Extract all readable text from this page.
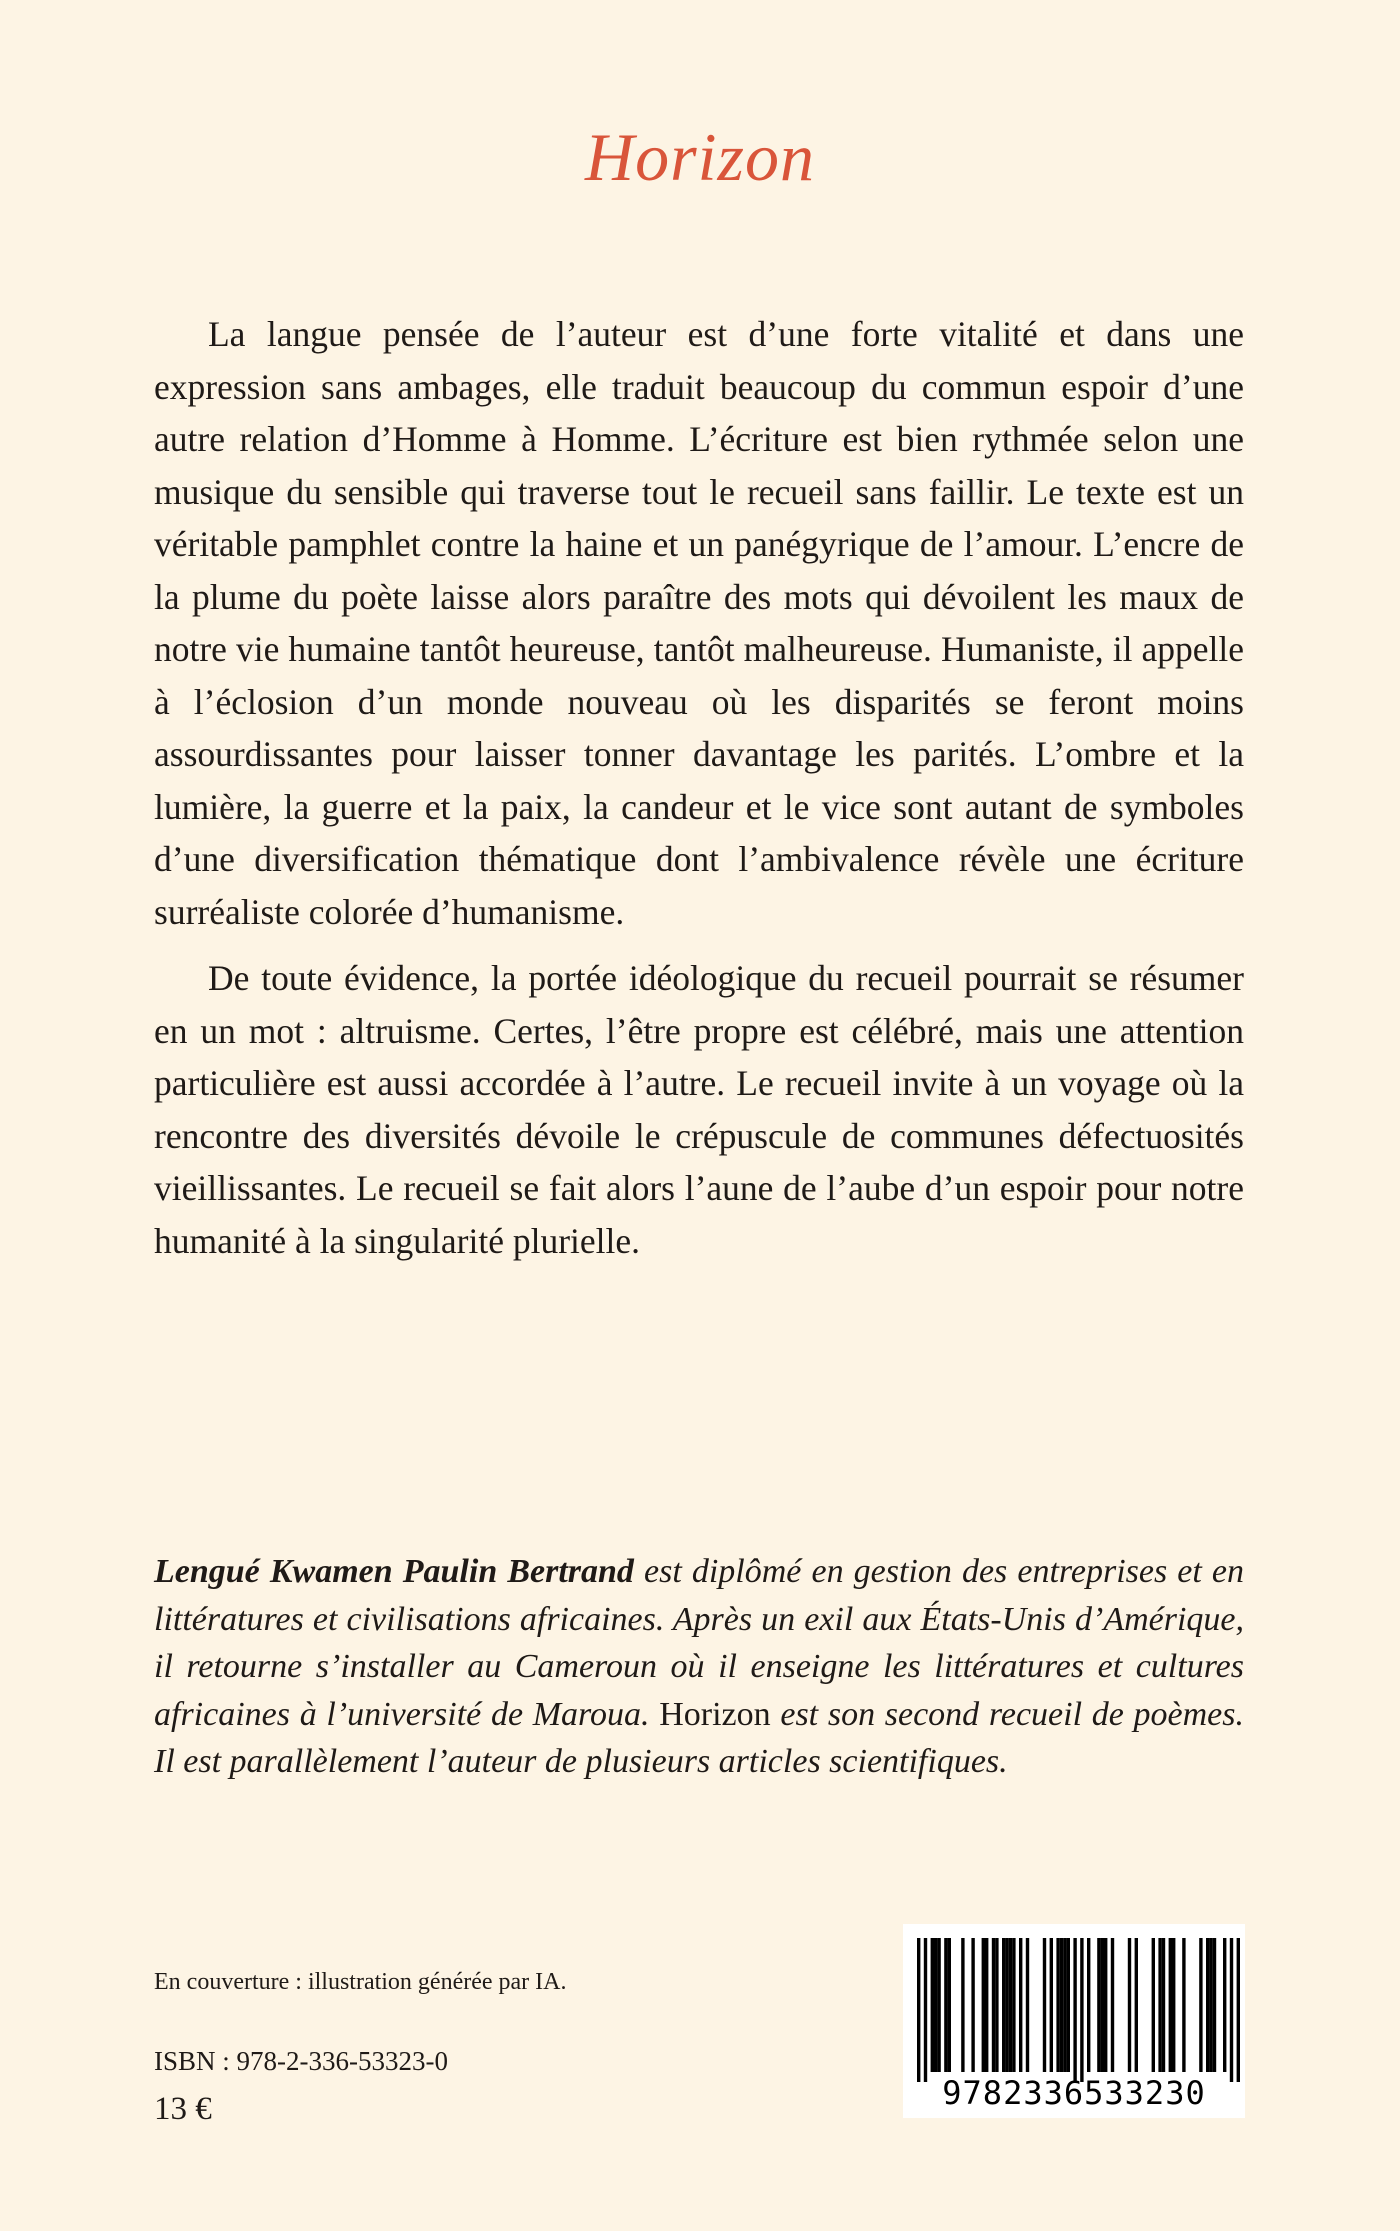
Horizon

La langue pensée de l’auteur est d’une forte vitalité et dans une expression sans ambages, elle traduit beaucoup du commun espoir d’une autre relation d’Homme à Homme. L’écriture est bien rythmée selon une musique du sensible qui traverse tout le recueil sans faillir. Le texte est un véritable pamphlet contre la haine et un panégyrique de l’amour. L’encre de la plume du poète laisse alors paraître des mots qui dévoilent les maux de notre vie humaine tantôt heureuse, tantôt malheureuse. Humaniste, il appelle à l’éclosion d’un monde nouveau où les disparités se feront moins assourdissantes pour laisser tonner davantage les parités. L’ombre et la lumière, la guerre et la paix, la candeur et le vice sont autant de symboles d’une diversification thématique dont l’ambivalence révèle une écriture surréaliste colorée d’humanisme.

De toute évidence, la portée idéologique du recueil pourrait se résumer en un mot : altruisme. Certes, l’être propre est célébré, mais une attention particulière est aussi accordée à l’autre. Le recueil invite à un voyage où la rencontre des diversités dévoile le crépuscule de communes défectuosités vieillissantes. Le recueil se fait alors l’aune de l’aube d’un espoir pour notre humanité à la singularité plurielle.

Lengué Kwamen Paulin Bertrand est diplômé en gestion des entreprises et en littératures et civilisations africaines. Après un exil aux États-Unis d’Amérique, il retourne s’installer au Cameroun où il enseigne les littératures et cultures africaines à l’université de Maroua. Horizon est son second recueil de poèmes. Il est parallèlement l’auteur de plusieurs articles scientifiques.

En couverture : illustration générée par IA.

ISBN : 978-2-336-53323-0

13 €	9782336533230
